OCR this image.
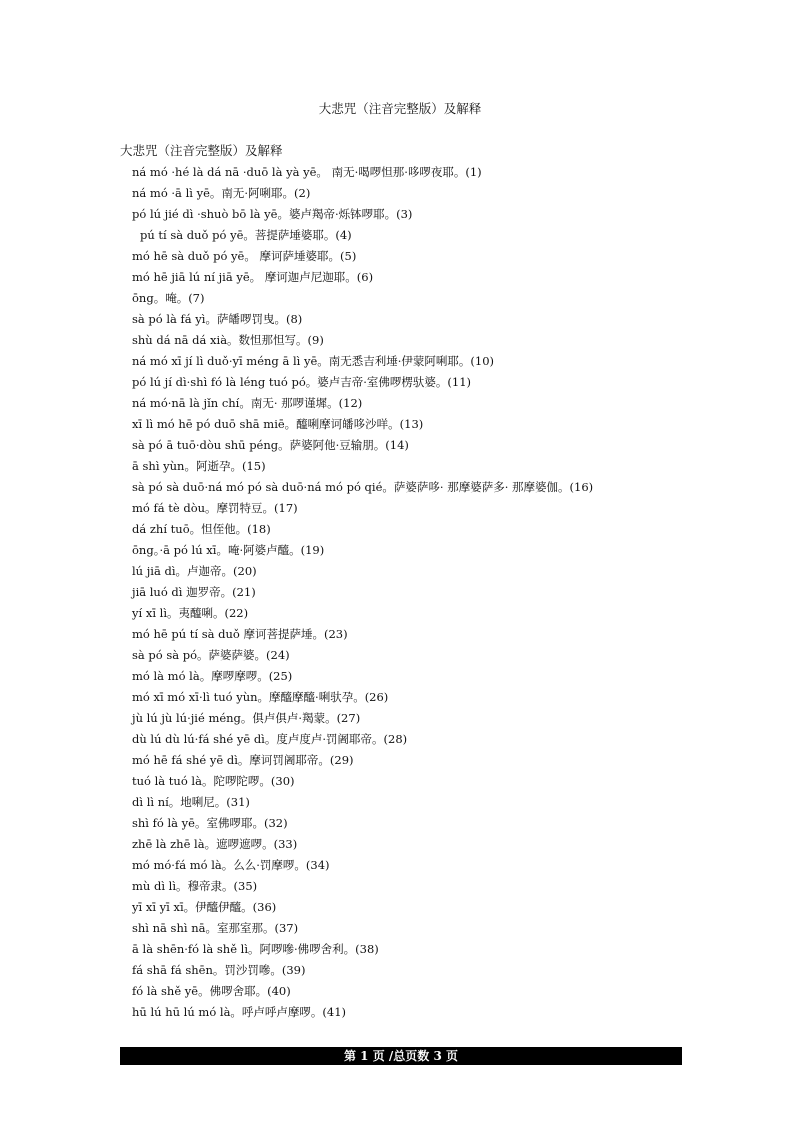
大悲咒（注音完整版）及解释
大悲咒（注音完整版）及解释
ná mó ·hé là dá nā ·duō là yà yē。 南无·喝啰怛那·哆啰夜耶。(1)
ná mó ·ā lì yē。南无·阿唎耶。(2)
pó lú jié dì ·shuò bō là yē。婆卢羯帝·烁钵啰耶。(3)
pú tí sà duǒ pó yē。菩提萨埵婆耶。(4)
mó hē sà duǒ pó yē。 摩诃萨埵婆耶。(5)
mó hē jiā lú ní jiā yē。 摩诃迦卢尼迦耶。(6)
ōng。唵。(7)
sà pó là fá yì。萨皤啰罚曳。(8)
shù dá nā dá xià。数怛那怛写。(9)
ná mó xī jí lì duǒ·yī méng ā lì yē。南无悉吉利埵·伊蒙阿唎耶。(10)
pó lú jí dì·shì fó là léng tuó pó。婆卢吉帝·室佛啰楞驮婆。(11)
ná mó·nā là jǐn chí。南无· 那啰谨墀。(12)
xī lì mó hē pó duō shā miē。醯唎摩诃皤哆沙咩。(13)
sà pó ā tuō·dòu shū péng。萨婆阿他·豆输朋。(14)
ā shì yùn。阿逝孕。(15)
sà pó sà duō·ná mó pó sà duō·ná mó pó qié。萨婆萨哆· 那摩婆萨多· 那摩婆伽。(16)
mó fá tè dòu。摩罚特豆。(17)
dá zhí tuō。怛侄他。(18)
ōng。·ā pó lú xī。唵·阿婆卢醯。(19)
lú jiā dì。卢迦帝。(20)
jiā luó dì 迦罗帝。(21)
yí xī lì。夷醯唎。(22)
mó hē pú tí sà duǒ 摩诃菩提萨埵。(23)
sà pó sà pó。萨婆萨婆。(24)
mó là mó là。摩啰摩啰。(25)
mó xī mó xī·lì tuó yùn。摩醯摩醯·唎驮孕。(26)
jù lú jù lú·jié méng。俱卢俱卢·羯蒙。(27)
dù lú dù lú·fá shé yē dì。度卢度卢·罚阇耶帝。(28)
mó hē fá shé yē dì。摩诃罚阇耶帝。(29)
tuó là tuó là。陀啰陀啰。(30)
dì lì ní。地唎尼。(31)
shì fó là yē。室佛啰耶。(32)
zhē là zhē là。遮啰遮啰。(33)
mó mó·fá mó là。么么·罚摩啰。(34)
mù dì lì。穆帝隶。(35)
yī xī yī xī。伊醯伊醯。(36)
shì nā shì nā。室那室那。(37)
ā là shēn·fó là shě lì。阿啰嘇·佛啰舍利。(38)
fá shā fá shēn。罚沙罚嘇。(39)
fó là shě yē。佛啰舍耶。(40)
hū lú hū lú mó là。呼卢呼卢摩啰。(41)
第 1 页 /总页数 3 页
